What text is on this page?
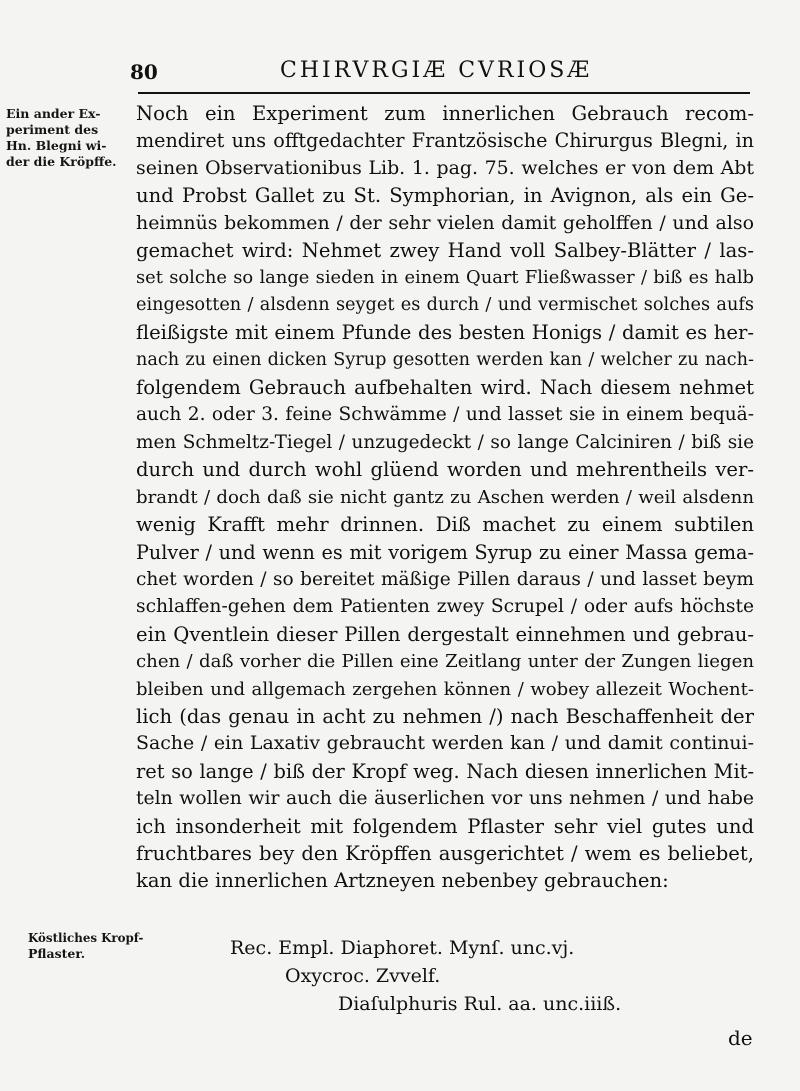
80	CHIRVRGIÆ CVRIOSÆ
Ein ander Ex-
periment des
Hn. Blegni wi-
der die Kröpffe.
Noch ein Experiment zum innerlichen Gebrauch recom-
mendiret uns offtgedachter Frantzösische Chirurgus Blegni, in
seinen Observationibus Lib. 1. pag. 75. welches er von dem Abt
und Probst Gallet zu St. Symphorian, in Avignon, als ein Ge-
heimnüs bekommen / der sehr vielen damit geholffen / und also
gemachet wird: Nehmet zwey Hand voll Salbey-Blätter / las-
set solche so lange sieden in einem Quart Fließwasser / biß es halb
eingesotten / alsdenn seyget es durch / und vermischet solches aufs
fleißigste mit einem Pfunde des besten Honigs / damit es her-
nach zu einen dicken Syrup gesotten werden kan / welcher zu nach-
folgendem Gebrauch aufbehalten wird. Nach diesem nehmet
auch 2. oder 3. feine Schwämme / und lasset sie in einem bequä-
men Schmeltz-Tiegel / unzugedeckt / so lange Calciniren / biß sie
durch und durch wohl glüend worden und mehrentheils ver-
brandt / doch daß sie nicht gantz zu Aschen werden / weil alsdenn
wenig Krafft mehr drinnen. Diß machet zu einem subtilen
Pulver / und wenn es mit vorigem Syrup zu einer Massa gema-
chet worden / so bereitet mäßige Pillen daraus / und lasset beym
schlaffen-gehen dem Patienten zwey Scrupel / oder aufs höchste
ein Qventlein dieser Pillen dergestalt einnehmen und gebrau-
chen / daß vorher die Pillen eine Zeitlang unter der Zungen liegen
bleiben und allgemach zergehen können / wobey allezeit Wochent-
lich (das genau in acht zu nehmen /) nach Beschaffenheit der
Sache / ein Laxativ gebraucht werden kan / und damit continui-
ret so lange / biß der Kropf weg. Nach diesen innerlichen Mit-
teln wollen wir auch die äuserlichen vor uns nehmen / und habe
ich insonderheit mit folgendem Pflaster sehr viel gutes und
fruchtbares bey den Kröpffen ausgerichtet / wem es beliebet,
kan die innerlichen Artzneyen nebenbey gebrauchen:
Köstliches Kropf-
Pflaster.	Rec. Empl. Diaphoret. Mynſ. unc.vj.
Oxycroc. Zvvelf.
Diaſulphuris Rul. aa. unc.iiiß.
de
